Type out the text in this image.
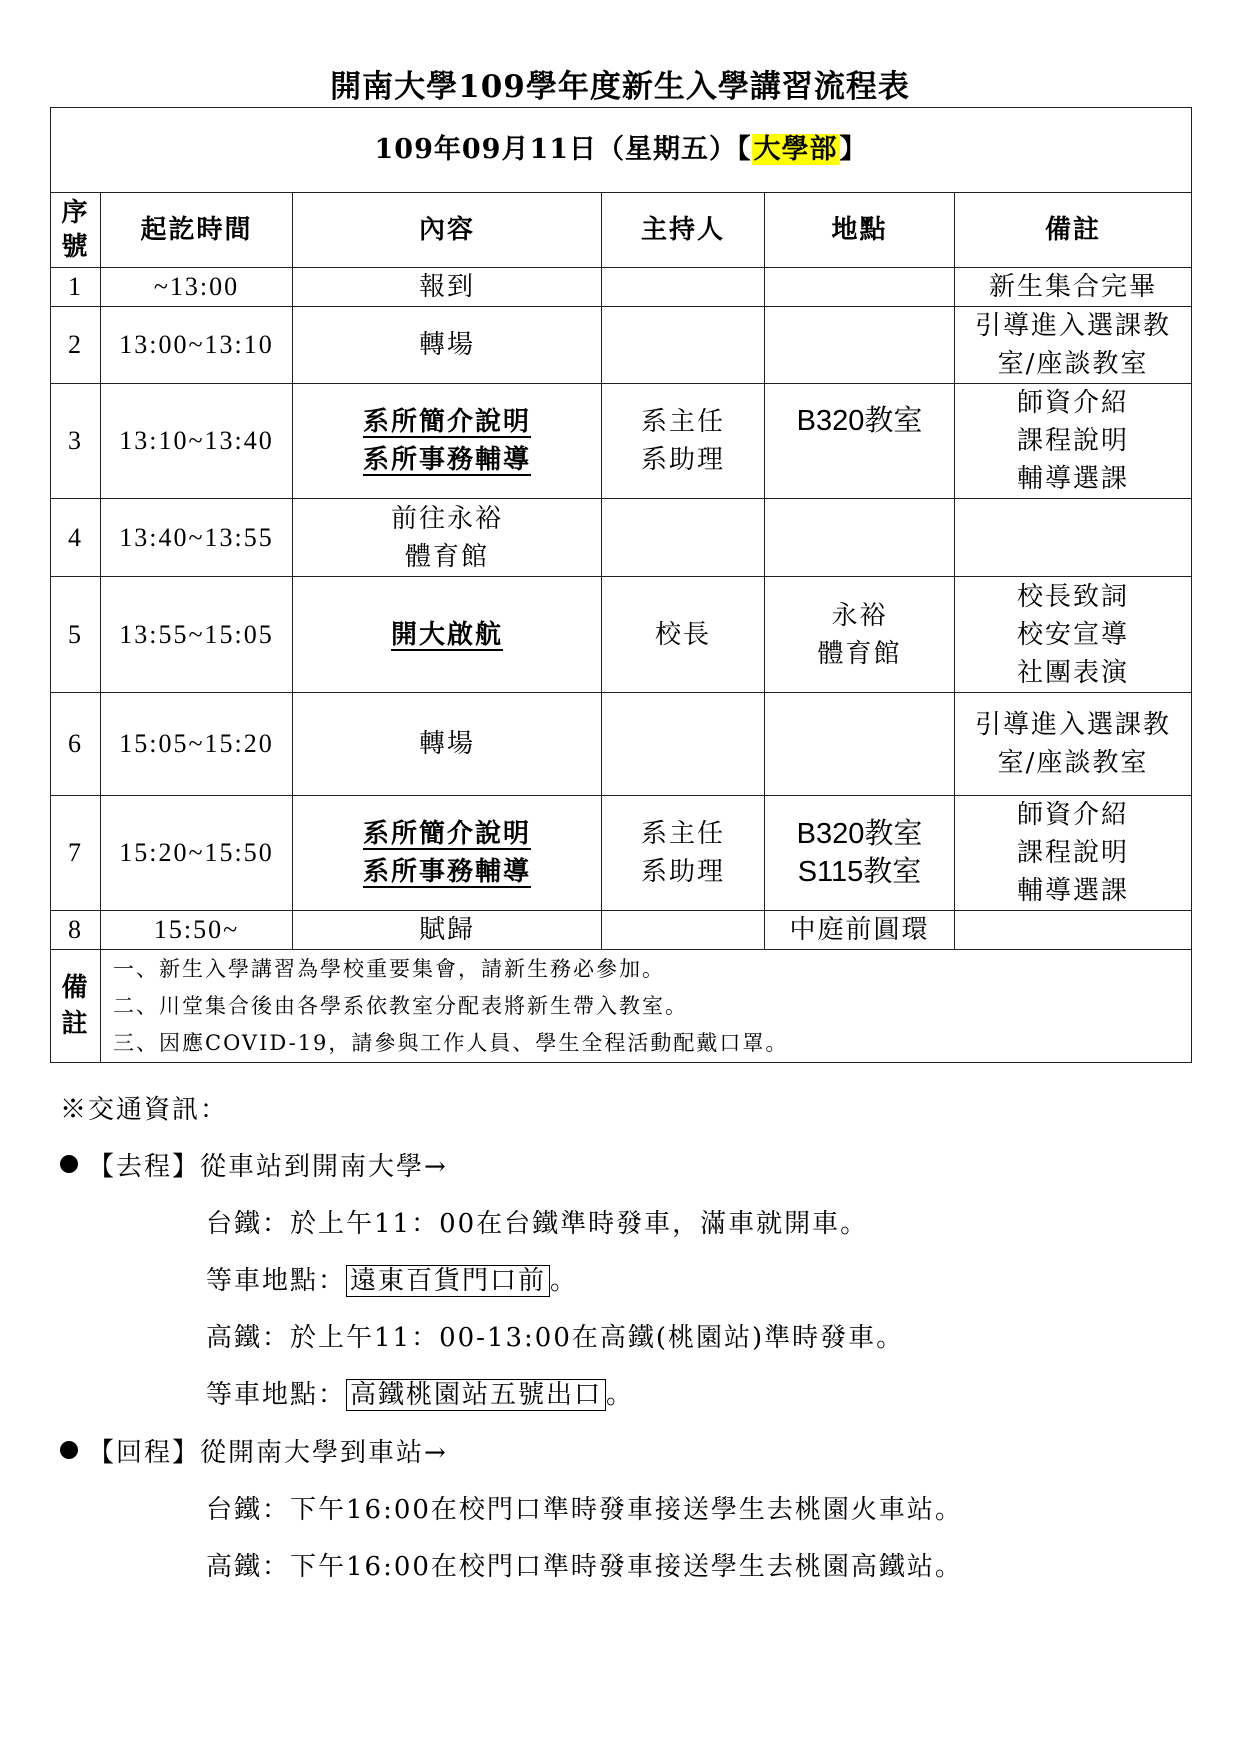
開南大學109學年度新生入學講習流程表
109年09月11日（星期五）【大學部】					

序
號	起訖時間	內容	主持人	地點	備註
1	~13:00	報到			新生集合完畢

2	13:00~13:10	轉場			引導進入選課教
室/座談教室

3	13:10~13:40	系所簡介說明
系所事務輔導	系主任
系助理	B320教室	師資介紹
課程說明
輔導選課

4	13:40~13:55	前往永裕
體育館			

5	13:55~15:05	開大啟航	校長	永裕
體育館	校長致詞
校安宣導
社團表演

6	15:05~15:20	轉場			引導進入選課教
室/座談教室

7	15:20~15:50	系所簡介說明
系所事務輔導	系主任
系助理	B320教室
S115教室	師資介紹
課程說明
輔導選課

8	15:50~	賦歸		中庭前圓環	

備
註	一、新生入學講習為學校重要集會，請新生務必參加。
二、川堂集合後由各學系依教室分配表將新生帶入教室。
三、因應COVID-19，請參與工作人員、學生全程活動配戴口罩。				
※交通資訊：
【去程】從車站到開南大學→
台鐵：於上午11：00在台鐵準時發車，滿車就開車。
等車地點： 遠東百貨門口前 。
高鐵：於上午11：00-13:00在高鐵(桃園站)準時發車。
等車地點： 高鐵桃園站五號出口 。
【回程】從開南大學到車站→
台鐵：下午16:00在校門口準時發車接送學生去桃園火車站。
高鐵：下午16:00在校門口準時發車接送學生去桃園高鐵站。
